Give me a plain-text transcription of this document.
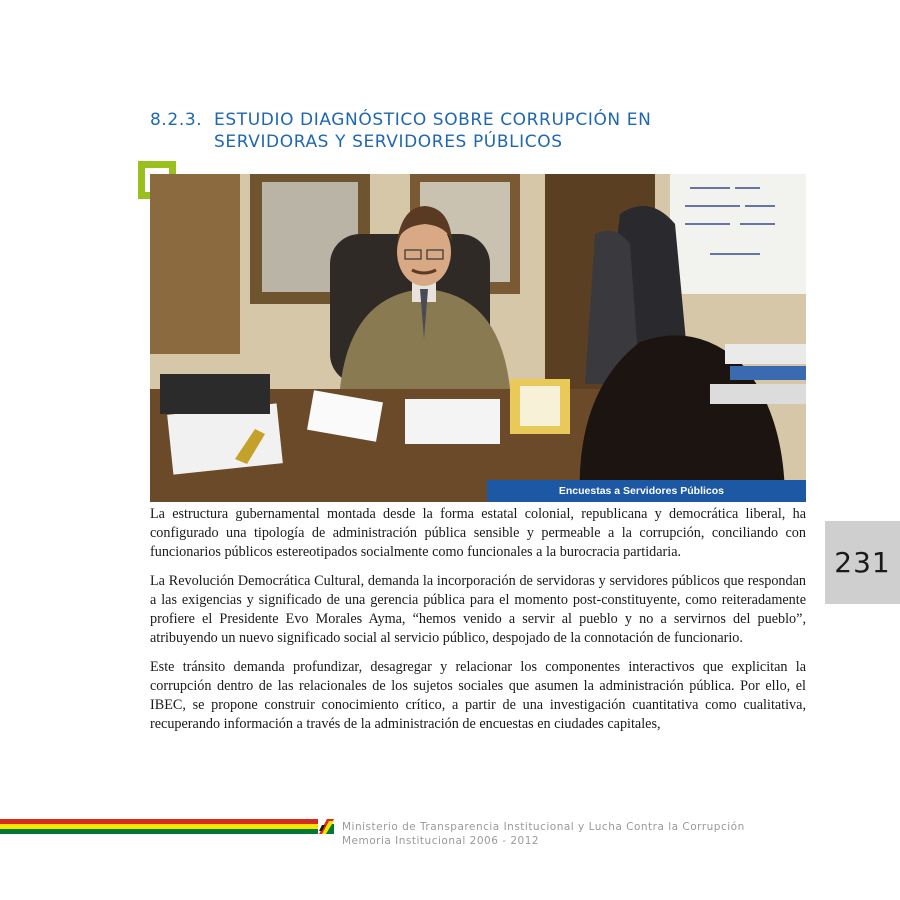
8.2.3. ESTUDIO DIAGNÓSTICO SOBRE CORRUPCIÓN EN
SERVIDORAS Y SERVIDORES PÚBLICOS
Encuestas a Servidores Públicos

La estructura gubernamental montada desde la forma estatal colonial, republicana y democrática liberal, ha configurado una tipología de administración pública sensible y permeable a la corrupción, conciliando con funcionarios públicos estereotipados socialmente como funcionales a la burocracia partidaria.

La Revolución Democrática Cultural, demanda la incorporación de servidoras y servidores públicos que respondan a las exigencias y significado de una gerencia pública para el momento post-constituyente, como reiteradamente profiere el Presidente Evo Morales Ayma, “hemos venido a servir al pueblo y no a servirnos del pueblo”, atribuyendo un nuevo significado social al servicio público, despojado de la connotación de funcionario.

Este tránsito demanda profundizar, desagregar y relacionar los componentes interactivos que explicitan la corrupción dentro de las relacionales de los sujetos sociales que asumen la administración pública. Por ello, el IBEC, se propone construir conocimiento crítico, a partir de una investigación cuantitativa como cualitativa, recuperando información a través de la administración de encuestas en ciudades capitales,

231
Ministerio de Transparencia Institucional y Lucha Contra la Corrupción
Memoria Institucional 2006 - 2012
